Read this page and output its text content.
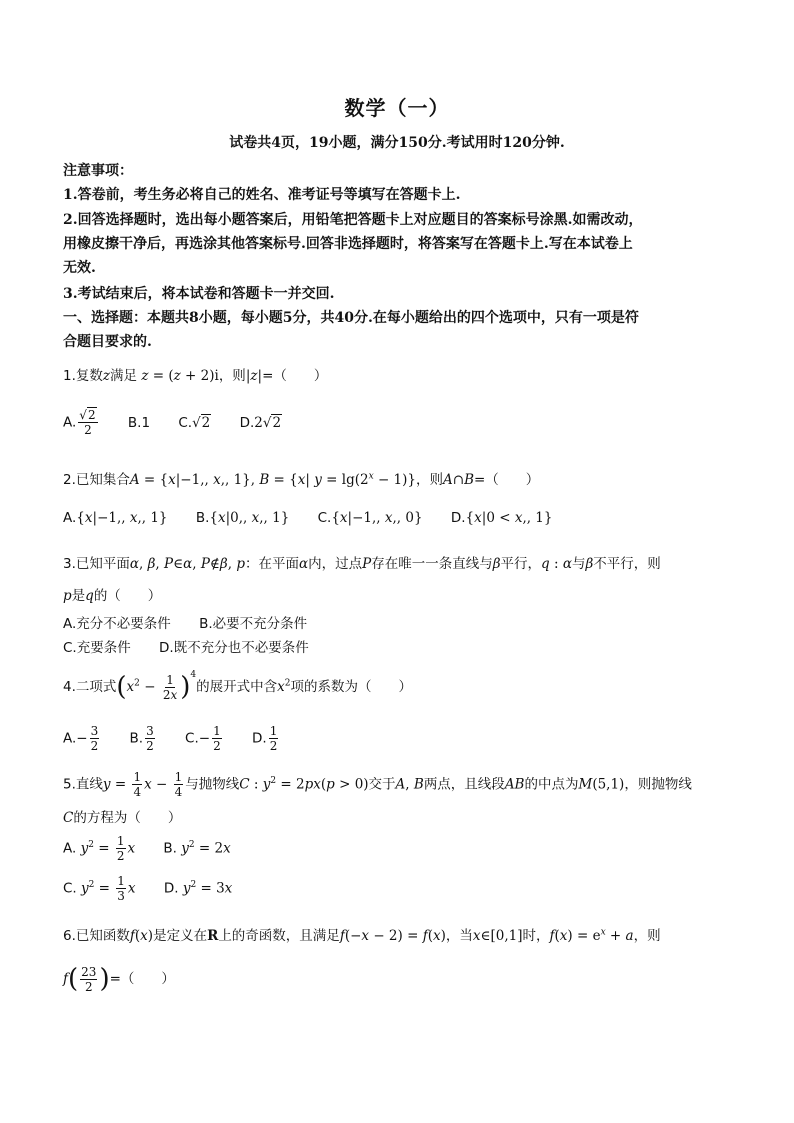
数学（一）
试卷共4页，19小题，满分150分.考试用时120分钟.
注意事项：
1.答卷前，考生务必将自己的姓名、准考证号等填写在答题卡上.
2.回答选择题时，选出每小题答案后，用铅笔把答题卡上对应题目的答案标号涂黑.如需改动，
用橡皮擦干净后，再选涂其他答案标号.回答非选择题时，将答案写在答题卡上.写在本试卷上
无效.
3.考试结束后，将本试卷和答题卡一并交回.
一、选择题：本题共8小题，每小题5分，共40分.在每小题给出的四个选项中，只有一项是符
合题目要求的.
1.复数z满足 z = (z + 2)i，则|z|=（　　）
A. $\frac{√2}{2} B.1$ C.√2 D.2√2
2.已知集合A = {x|−1,, x,, 1}, B = {x| $y = \lg(2^x - 1)$}，则A∩B=（　　）
A.{x|−1,, x,, 1} B.{x|0,, x,, 1} C.{x|−1,, x,, 0} D.{x|0 < x,, 1}
3.已知平面α, β, P∈α, P∉β, p：在平面α内，过点P存在唯一一条直线与β平行，q : α与β不平行，则
p是q的（　　）
A.充分不必要条件 B.必要不充分条件
C.充要条件 D.既不充分也不必要条件
4.二项式$(x^2 - \frac{1}{2x} )^4$的展开式中含$x^2$项的系数为（　　）
$A.- \frac{3}{2} B$. $\frac{3}{2} C.- \frac{1}{2} D$. $\frac{1}{2}$
5.直线$y = \frac{1}{4}$ $x - \frac{1}{4}$ 与抛物线C : $y^2 = 2px(p > 0)$交于A, B两点，且线段AB的中点为M(5,1)，则抛物线
C的方程为（　　）
A. $y^2 = \frac{1}{2}$ x B. $y^2 = 2x$
C. $y^2 = \frac{1}{3}$ x D. $y^2 = 3x$
6.已知函数f(x)是定义在R上的奇函数，且满足f(−x − 2) = f(x)，当x∈[0,1]时，$f(x) = e^x + a$，则
$f( \frac{23}{2}$ )=（　　）
